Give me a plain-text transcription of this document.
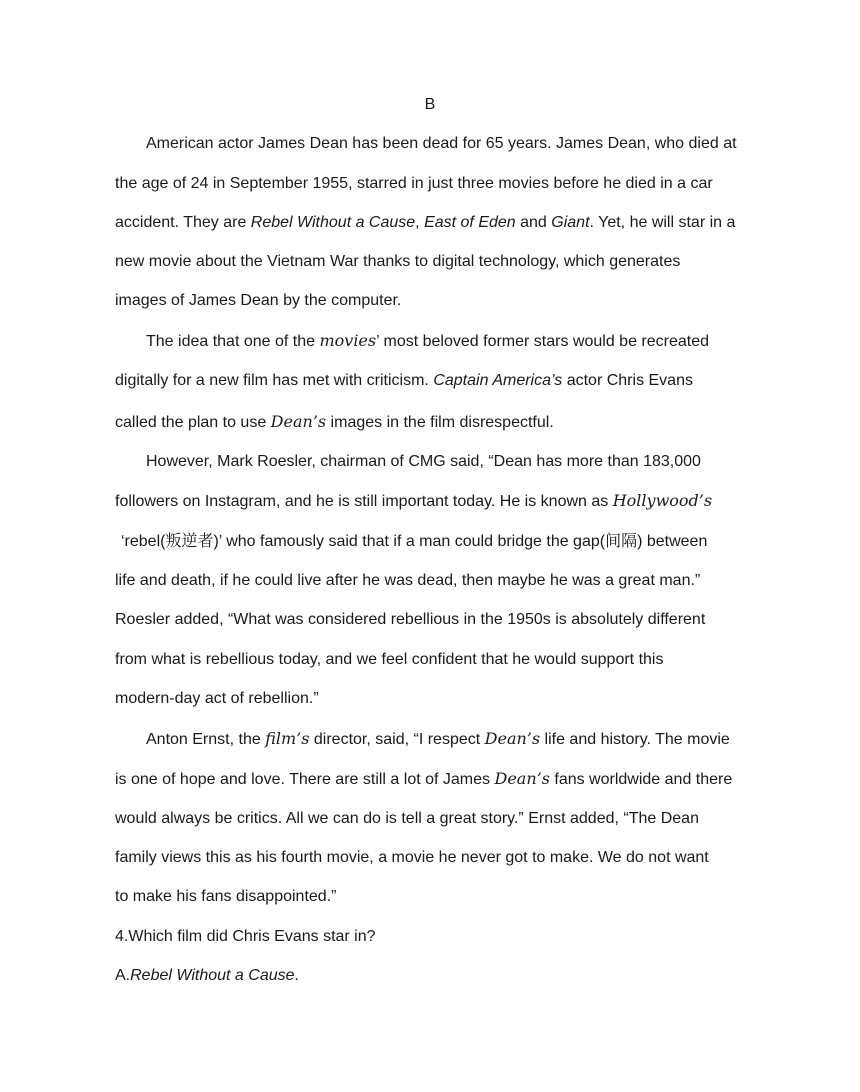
B
American actor James Dean has been dead for 65 years. James Dean, who died at
the age of 24 in September 1955, starred in just three movies before he died in a car
accident. They are Rebel Without a Cause, East of Eden and Giant. Yet, he will star in a
new movie about the Vietnam War thanks to digital technology, which generates
images of James Dean by the computer.
The idea that one of the movies’ most beloved former stars would be recreated
digitally for a new film has met with criticism. Captain America’s actor Chris Evans
called the plan to use Dean’s images in the film disrespectful.
However, Mark Roesler, chairman of CMG said, “Dean has more than 183,000
followers on Instagram, and he is still important today. He is known as Hollywood’s
‘rebel(叛逆者)’ who famously said that if a man could bridge the gap(间隔) between
life and death, if he could live after he was dead, then maybe he was a great man.”
Roesler added, “What was considered rebellious in the 1950s is absolutely different
from what is rebellious today, and we feel confident that he would support this
modern-day act of rebellion.”
Anton Ernst, the film’s director, said, “I respect Dean’s life and history. The movie
is one of hope and love. There are still a lot of James Dean’s fans worldwide and there
would always be critics. All we can do is tell a great story.” Ernst added, “The Dean
family views this as his fourth movie, a movie he never got to make. We do not want
to make his fans disappointed.”
4.Which film did Chris Evans star in?
A.Rebel Without a Cause.
